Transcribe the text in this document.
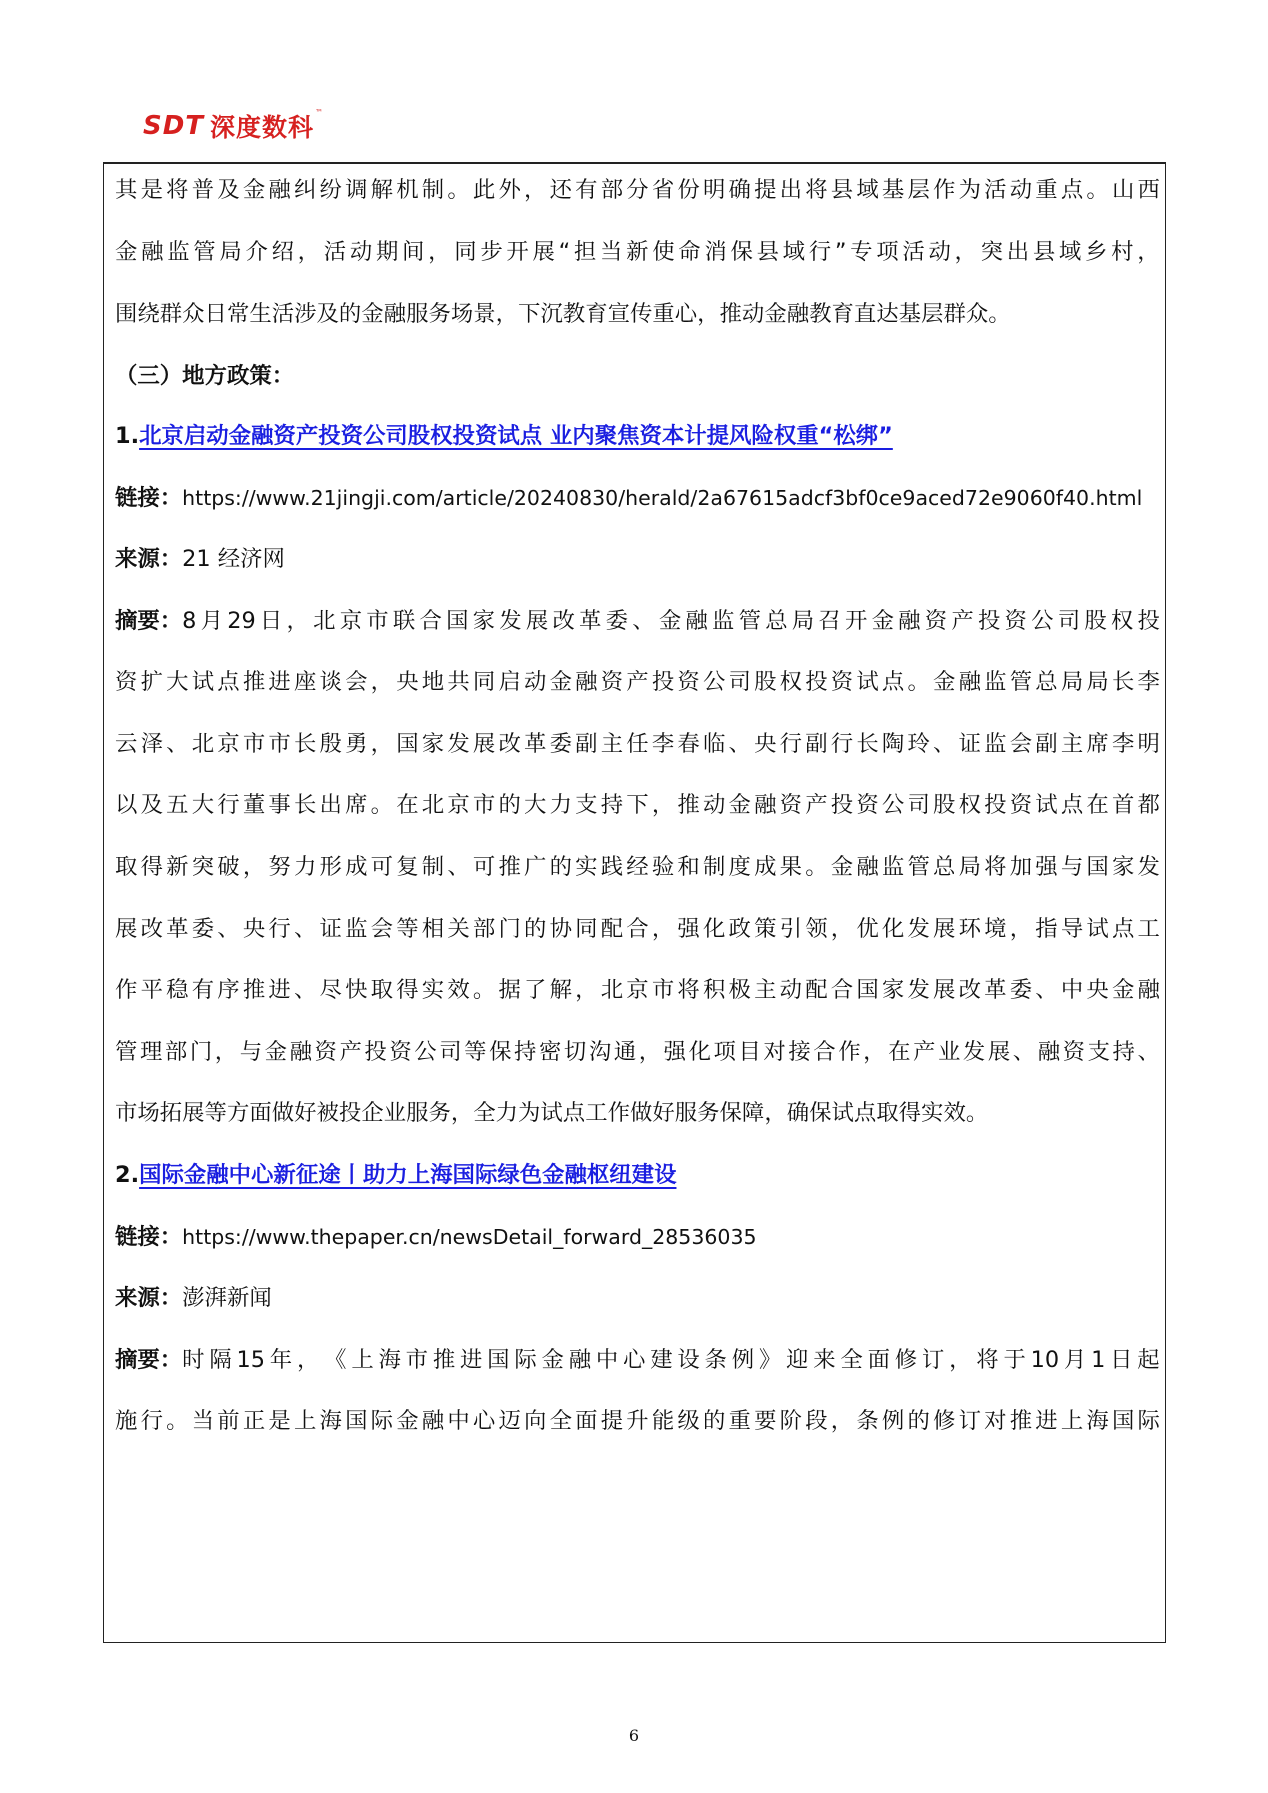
SDT 深度数科
™
其 是 将 普 及 金 融 纠 纷 调 解 机 制 。 此 外 ， 还 有 部 分 省 份 明 确 提 出 将 县 域 基 层 作 为 活 动 重 点 。 山 西
金 融 监 管 局 介 绍 ， 活 动 期 间 ， 同 步 开 展 “ 担 当 新 使 命 消 保 县 域 行 ” 专 项 活 动 ， 突 出 县 域 乡 村 ，
围绕群众日常生活涉及的金融服务场景，下沉教育宣传重心，推动金融教育直达基层群众。
（三）地方政策：
1.北京启动金融资产投资公司股权投资试点 业内聚焦资本计提风险权重“松绑”
链接：https://www.21jingji.com/article/20240830/herald/2a67615adcf3bf0ce9aced72e9060f40.html
来源：21 经济网
摘要： 8 月 29 日 ， 北 京 市 联 合 国 家 发 展 改 革 委 、 金 融 监 管 总 局 召 开 金 融 资 产 投 资 公 司 股 权 投
资 扩 大 试 点 推 进 座 谈 会 ， 央 地 共 同 启 动 金 融 资 产 投 资 公 司 股 权 投 资 试 点 。 金 融 监 管 总 局 局 长 李
云 泽 、 北 京 市 市 长 殷 勇 ， 国 家 发 展 改 革 委 副 主 任 李 春 临 、 央 行 副 行 长 陶 玲 、 证 监 会 副 主 席 李 明
以 及 五 大 行 董 事 长 出 席 。 在 北 京 市 的 大 力 支 持 下 ， 推 动 金 融 资 产 投 资 公 司 股 权 投 资 试 点 在 首 都
取 得 新 突 破 ， 努 力 形 成 可 复 制 、 可 推 广 的 实 践 经 验 和 制 度 成 果 。 金 融 监 管 总 局 将 加 强 与 国 家 发
展 改 革 委 、 央 行 、 证 监 会 等 相 关 部 门 的 协 同 配 合 ， 强 化 政 策 引 领 ， 优 化 发 展 环 境 ， 指 导 试 点 工
作 平 稳 有 序 推 进 、 尽 快 取 得 实 效 。 据 了 解 ， 北 京 市 将 积 极 主 动 配 合 国 家 发 展 改 革 委 、 中 央 金 融
管 理 部 门 ， 与 金 融 资 产 投 资 公 司 等 保 持 密 切 沟 通 ， 强 化 项 目 对 接 合 作 ， 在 产 业 发 展 、 融 资 支 持 、
市场拓展等方面做好被投企业服务，全力为试点工作做好服务保障，确保试点取得实效。
2.国际金融中心新征途丨助力上海国际绿色金融枢纽建设
链接：https://www.thepaper.cn/newsDetail_forward_28536035
来源：澎湃新闻
摘要： 时 隔 15 年 ， 《 上 海 市 推 进 国 际 金 融 中 心 建 设 条 例 》 迎 来 全 面 修 订 ， 将 于 10 月 1 日 起
施 行 。 当 前 正 是 上 海 国 际 金 融 中 心 迈 向 全 面 提 升 能 级 的 重 要 阶 段 ， 条 例 的 修 订 对 推 进 上 海 国 际
6
